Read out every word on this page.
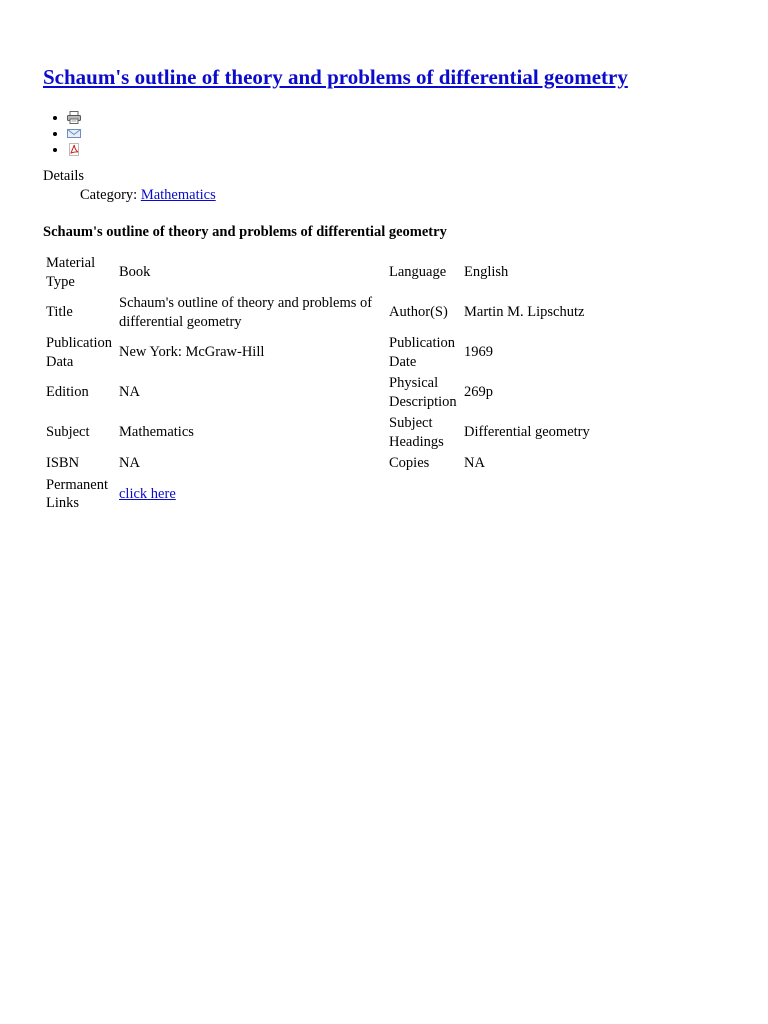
Schaum's outline of theory and problems of differential geometry
•
•
•
Details
Category: Mathematics

Schaum's outline of theory and problems of differential geometry

Material Type	Book	Language	English
Title	Schaum's outline of theory and problems of differential geometry	Author(S)	Martin M. Lipschutz
Publication Data	New York: McGraw-Hill	Publication Date	1969
Edition	NA	Physical Description	269p
Subject	Mathematics	Subject Headings	Differential geometry
ISBN	NA	Copies	NA
Permanent Links	click here		
